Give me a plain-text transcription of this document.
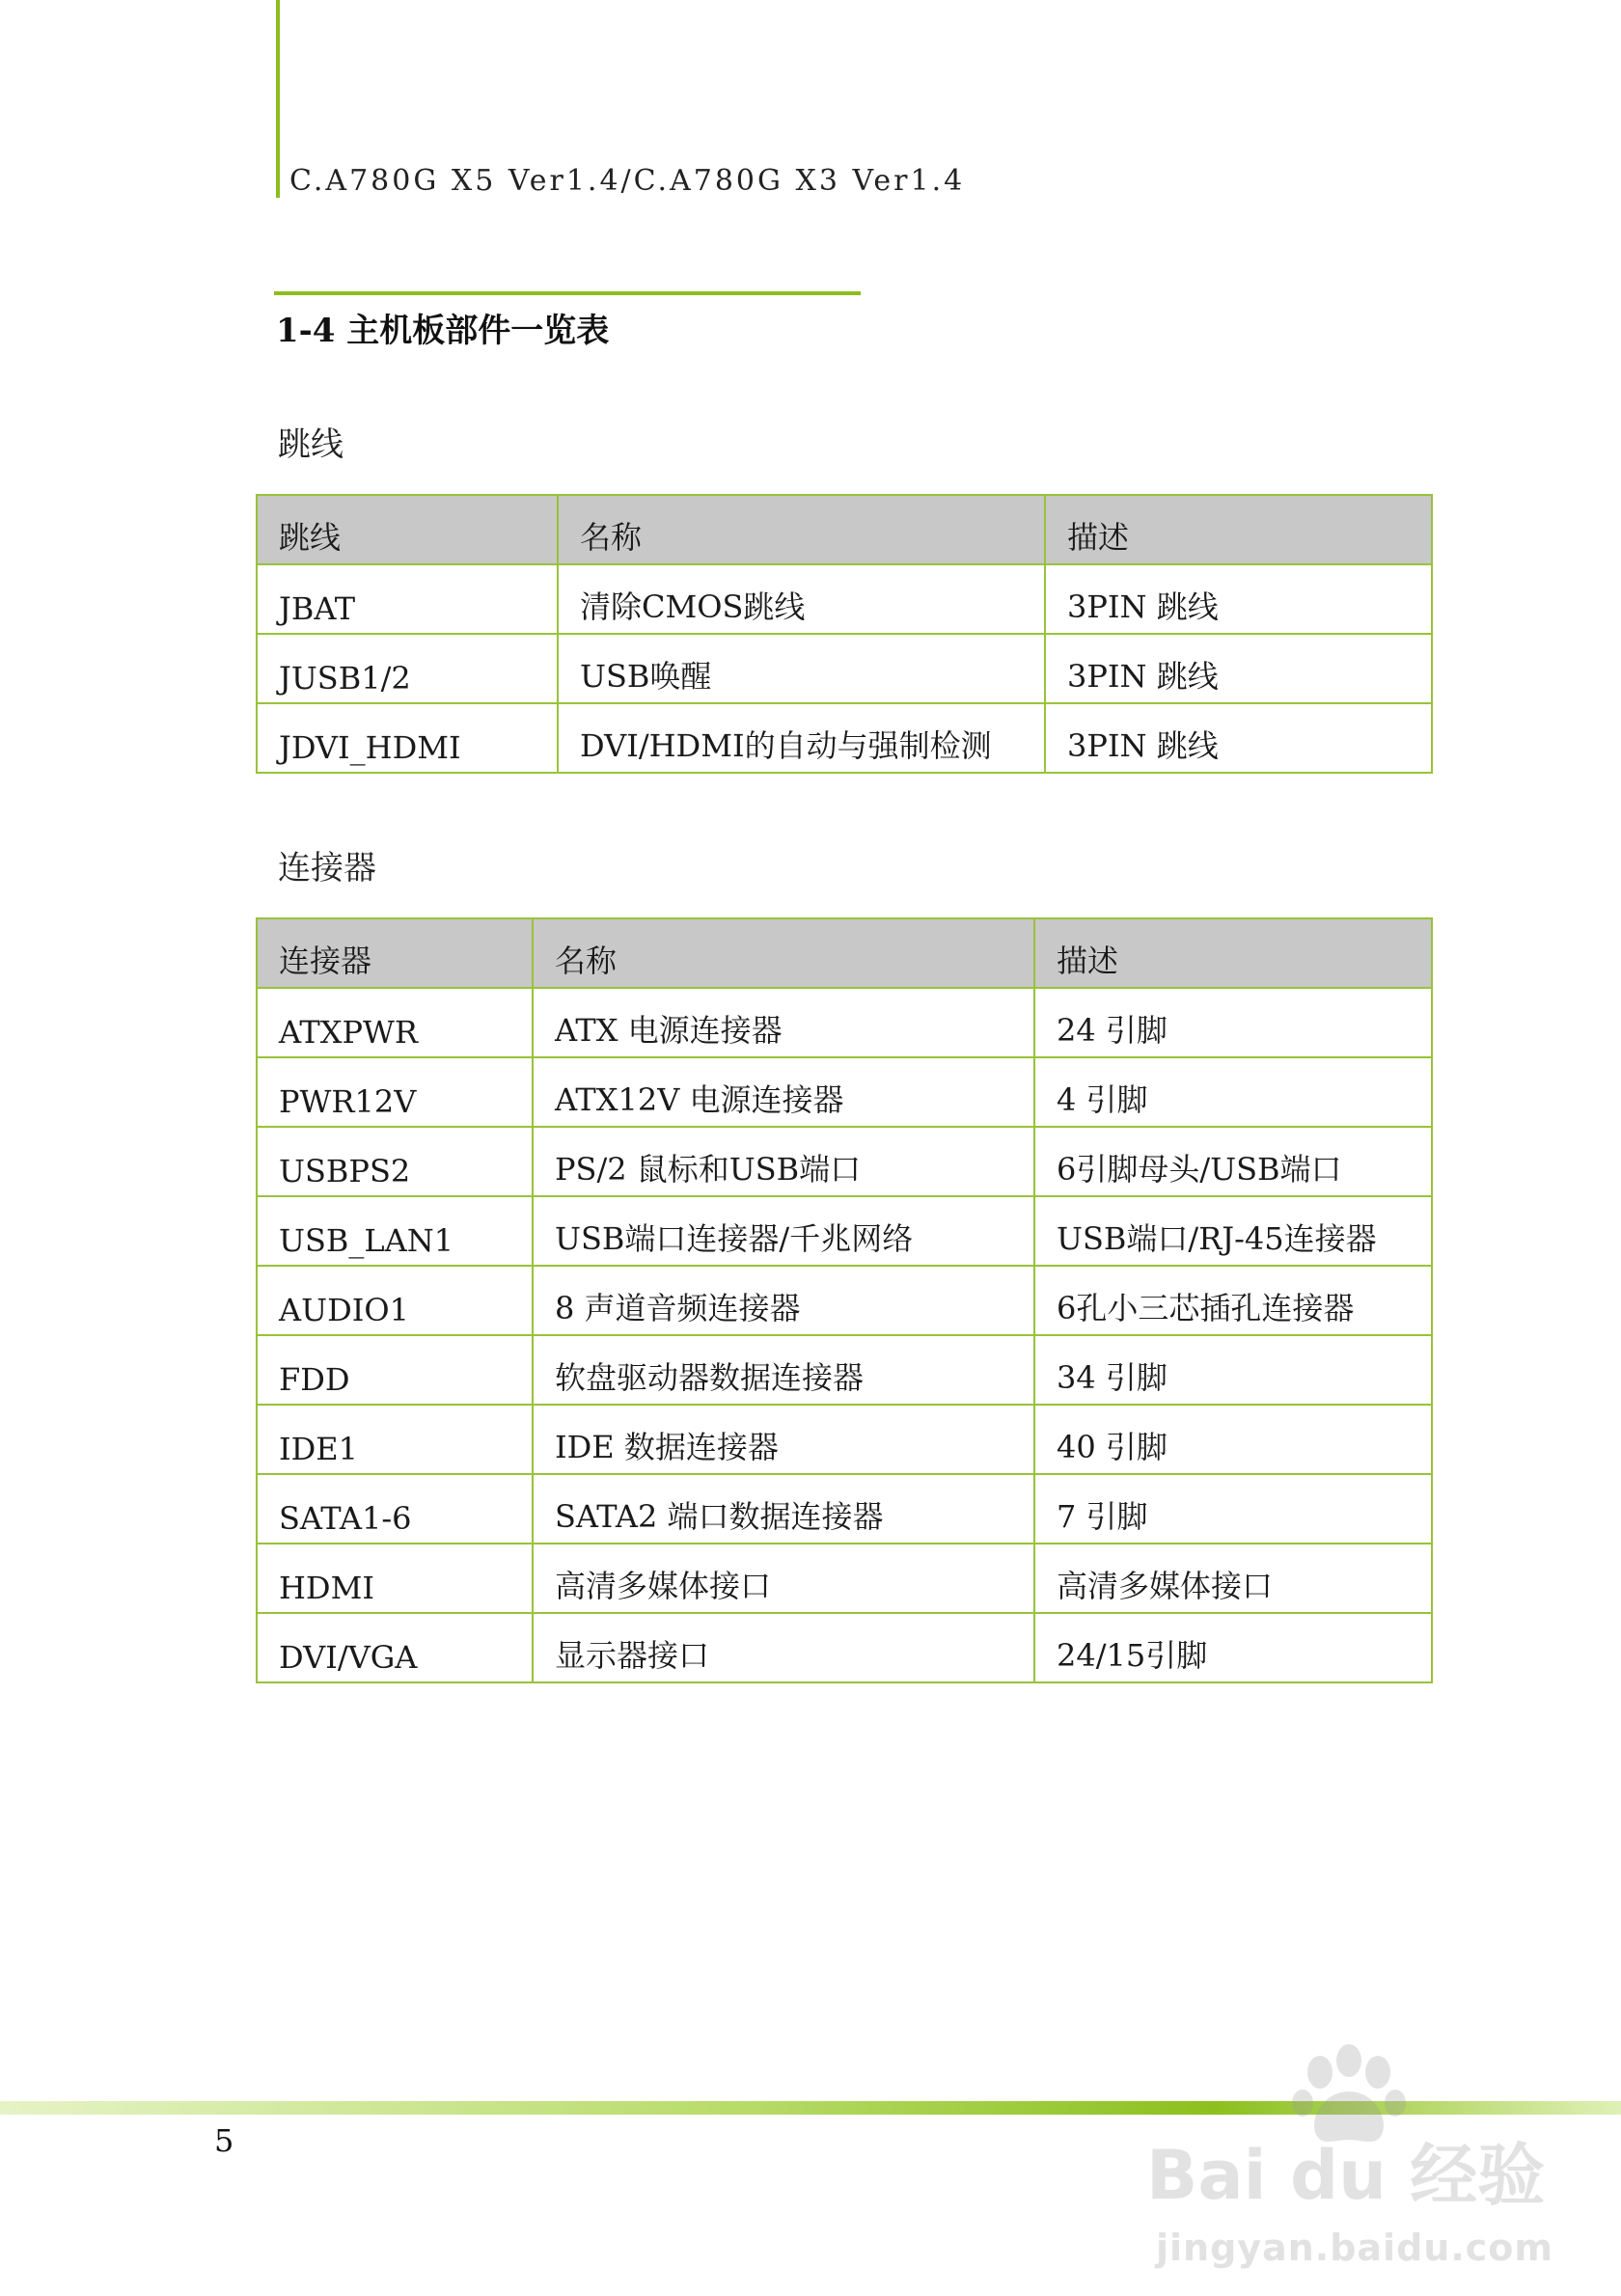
C.A780G X5 Ver1.4/C.A780G X3 Ver1.4
1-4 主机板部件一览表
跳线
跳线	名称	描述
JBAT	清除CMOS跳线	3PIN 跳线
JUSB1/2	USB唤醒	3PIN 跳线
JDVI_HDMI	DVI/HDMI的自动与强制检测	3PIN 跳线
连接器
连接器	名称	描述
ATXPWR	ATX 电源连接器	24 引脚
PWR12V	ATX12V 电源连接器	4 引脚
USBPS2	PS/2 鼠标和USB端口	6引脚母头/USB端口
USB_LAN1	USB端口连接器/千兆网络	USB端口/RJ-45连接器
AUDIO1	8 声道音频连接器	6孔小三芯插孔连接器
FDD	软盘驱动器数据连接器	34 引脚
IDE1	IDE 数据连接器	40 引脚
SATA1-6	SATA2 端口数据连接器	7 引脚
HDMI	高清多媒体接口	高清多媒体接口
DVI/VGA	显示器接口	24/15引脚
5	Bai du 经验
jingyan.baidu.com
